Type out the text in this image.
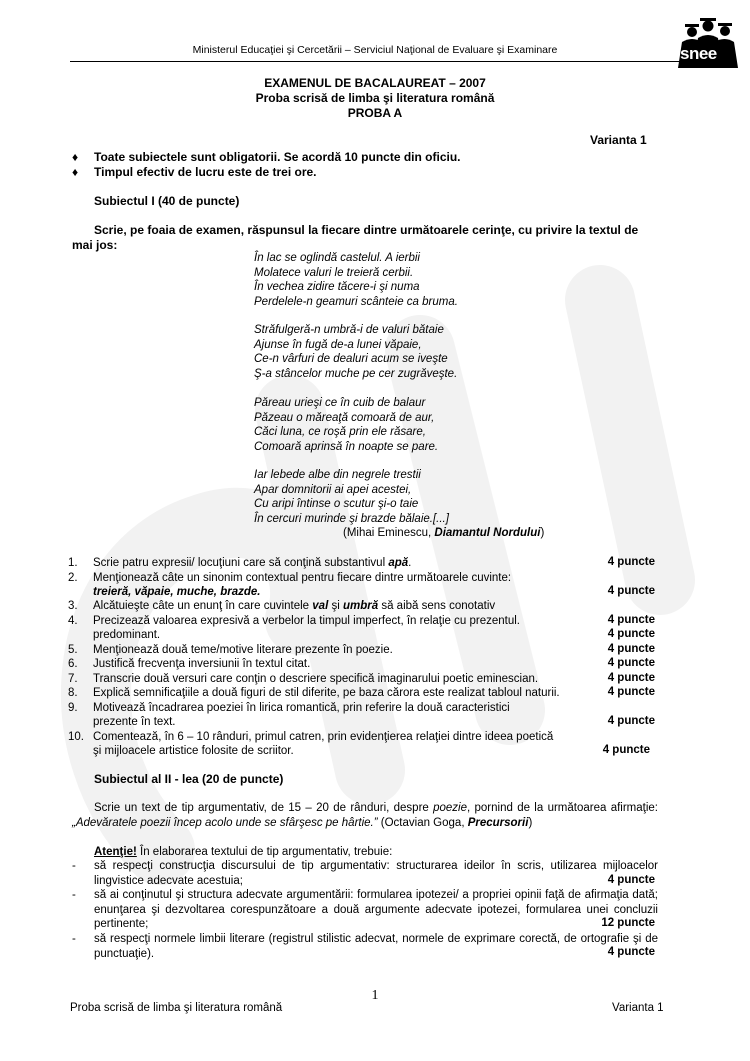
Ministerul Educaţiei şi Cercetării – Serviciul Naţional de Evaluare şi Examinare	snee
EXAMENUL DE BACALAUREAT – 2007
Proba scrisă de limba şi literatura română
PROBA A
Varianta 1
♦ Toate subiectele sunt obligatorii. Se acordă 10 puncte din oficiu.
♦ Timpul efectiv de lucru este de trei ore.
Subiectul I (40 de puncte)
Scrie, pe foaia de examen, răspunsul la fiecare dintre următoarele cerinţe, cu privire la textul de mai jos:
În lac se oglindă castelul. A ierbii
Molatece valuri le treieră cerbii.
În vechea zidire tăcere-i şi numa
Perdelele-n geamuri scânteie ca bruma.
Străfulgeră-n umbră-i de valuri bătaie
Ajunse în fugă de-a lunei văpaie,
Ce-n vârfuri de dealuri acum se iveşte
Ş-a stâncelor muche pe cer zugrăveşte.
Păreau urieşi ce în cuib de balaur
Păzeau o măreaţă comoară de aur,
Căci luna, ce roşă prin ele răsare,
Comoară aprinsă în noapte se pare.
Iar lebede albe din negrele trestii
Apar domnitorii ai apei acestei,
Cu aripi întinse o scutur şi-o taie
În cercuri murinde şi brazde bălaie.[...]
(Mihai Eminescu, Diamantul Nordului)
1. Scrie patru expresii/ locuţiuni care să conţină substantivul apă.	4 puncte
2. Menţionează câte un sinonim contextual pentru fiecare dintre următoarele cuvinte:
treieră, văpaie, muche, brazde.	4 puncte
3. Alcătuieşte câte un enunţ în care cuvintele val şi umbră să aibă sens conotativ
4. Precizează valoarea expresivă a verbelor la timpul imperfect, în relaţie cu prezentul.	4 puncte
predominant.	4 puncte
5. Menţionează două teme/motive literare prezente în poezie.	4 puncte
6. Justifică frecvenţa inversiunii în textul citat.	4 puncte
7. Transcrie două versuri care conţin o descriere specifică imaginarului poetic eminescian.	4 puncte
8. Explică semnificaţiile a două figuri de stil diferite, pe baza cărora este realizat tabloul naturii.	4 puncte
9. Motivează încadrarea poeziei în lirica romantică, prin referire la două caracteristici
prezente în text.	4 puncte
10. Comentează, în 6 – 10 rânduri, primul catren, prin evidenţierea relaţiei dintre ideea poetică
şi mijloacele artistice folosite de scriitor.	4 puncte
Subiectul al II - lea (20 de puncte)
Scrie un text de tip argumentativ, de 15 – 20 de rânduri, despre poezie, pornind de la următoarea afirmaţie: „Adevăratele poezii încep acolo unde se sfârşesc pe hârtie.” (Octavian Goga, Precursorii)
Atenţie! În elaborarea textului de tip argumentativ, trebuie:
- să respecţi construcţia discursului de tip argumentativ: structurarea ideilor în scris, utilizarea mijloacelor lingvistice adecvate acestuia;	4 puncte
- să ai conţinutul şi structura adecvate argumentării: formularea ipotezei/ a propriei opinii faţă de afirmaţia dată; enunţarea şi dezvoltarea corespunzătoare a două argumente adecvate ipotezei, formularea unei concluzii pertinente;	12 puncte
- să respecţi normele limbii literare (registrul stilistic adecvat, normele de exprimare corectă, de ortografie şi de punctuaţie).	4 puncte
1
Proba scrisă de limba şi literatura română	Varianta 1
